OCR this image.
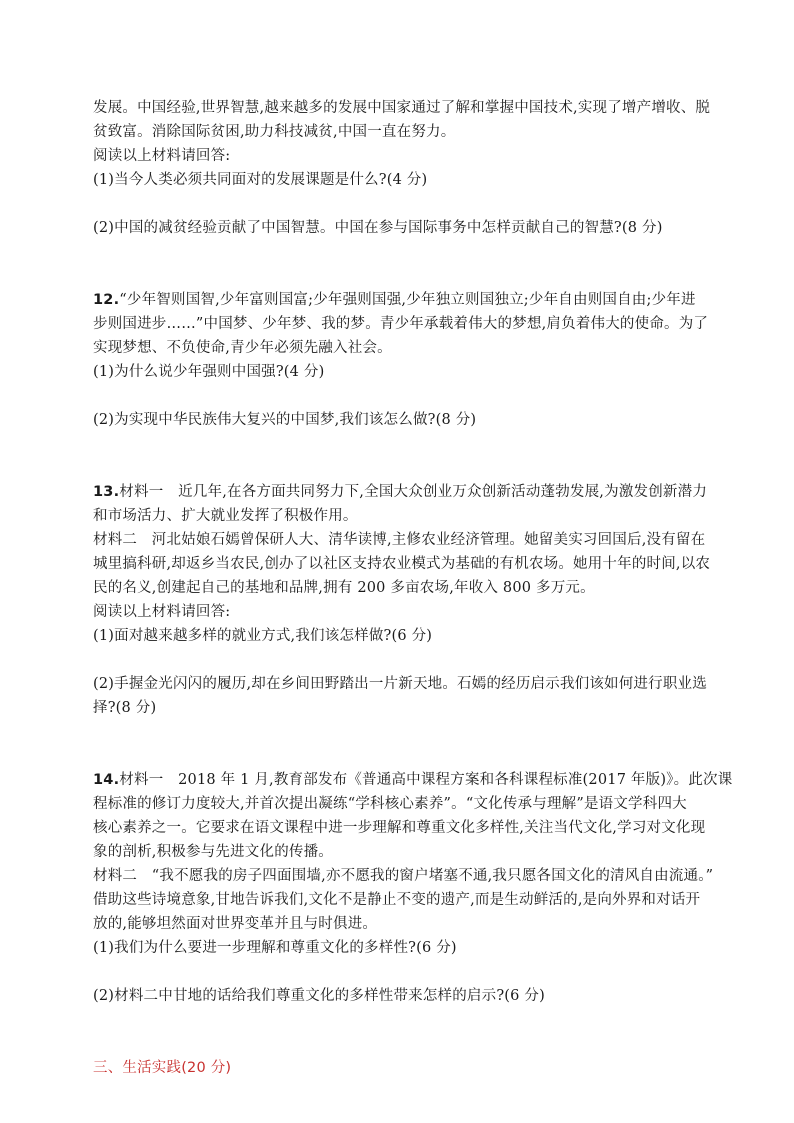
发展。中国经验,世界智慧,越来越多的发展中国家通过了解和掌握中国技术,实现了增产增收、脱
贫致富。消除国际贫困,助力科技减贫,中国一直在努力。
阅读以上材料请回答:
(1)当今人类必须共同面对的发展课题是什么?(4 分)
(2)中国的减贫经验贡献了中国智慧。中国在参与国际事务中怎样贡献自己的智慧?(8 分)
12.“少年智则国智,少年富则国富;少年强则国强,少年独立则国独立;少年自由则国自由;少年进
步则国进步……”中国梦、少年梦、我的梦。青少年承载着伟大的梦想,肩负着伟大的使命。为了
实现梦想、不负使命,青少年必须先融入社会。
(1)为什么说少年强则中国强?(4 分)
(2)为实现中华民族伟大复兴的中国梦,我们该怎么做?(8 分)
13.材料一　近几年,在各方面共同努力下,全国大众创业万众创新活动蓬勃发展,为激发创新潜力
和市场活力、扩大就业发挥了积极作用。
材料二　河北姑娘石嫣曾保研人大、清华读博,主修农业经济管理。她留美实习回国后,没有留在
城里搞科研,却返乡当农民,创办了以社区支持农业模式为基础的有机农场。她用十年的时间,以农
民的名义,创建起自己的基地和品牌,拥有 200 多亩农场,年收入 800 多万元。
阅读以上材料请回答:
(1)面对越来越多样的就业方式,我们该怎样做?(6 分)
(2)手握金光闪闪的履历,却在乡间田野踏出一片新天地。石嫣的经历启示我们该如何进行职业选
择?(8 分)
14.材料一　2018 年 1 月,教育部发布《普通高中课程方案和各科课程标准(2017 年版)》。此次课
程标准的修订力度较大,并首次提出凝练“学科核心素养”。“文化传承与理解”是语文学科四大
核心素养之一。它要求在语文课程中进一步理解和尊重文化多样性,关注当代文化,学习对文化现
象的剖析,积极参与先进文化的传播。
材料二　“我不愿我的房子四面围墙,亦不愿我的窗户堵塞不通,我只愿各国文化的清风自由流通。”
借助这些诗境意象,甘地告诉我们,文化不是静止不变的遗产,而是生动鲜活的,是向外界和对话开
放的,能够坦然面对世界变革并且与时俱进。
(1)我们为什么要进一步理解和尊重文化的多样性?(6 分)
(2)材料二中甘地的话给我们尊重文化的多样性带来怎样的启示?(6 分)
三、生活实践(20 分)
